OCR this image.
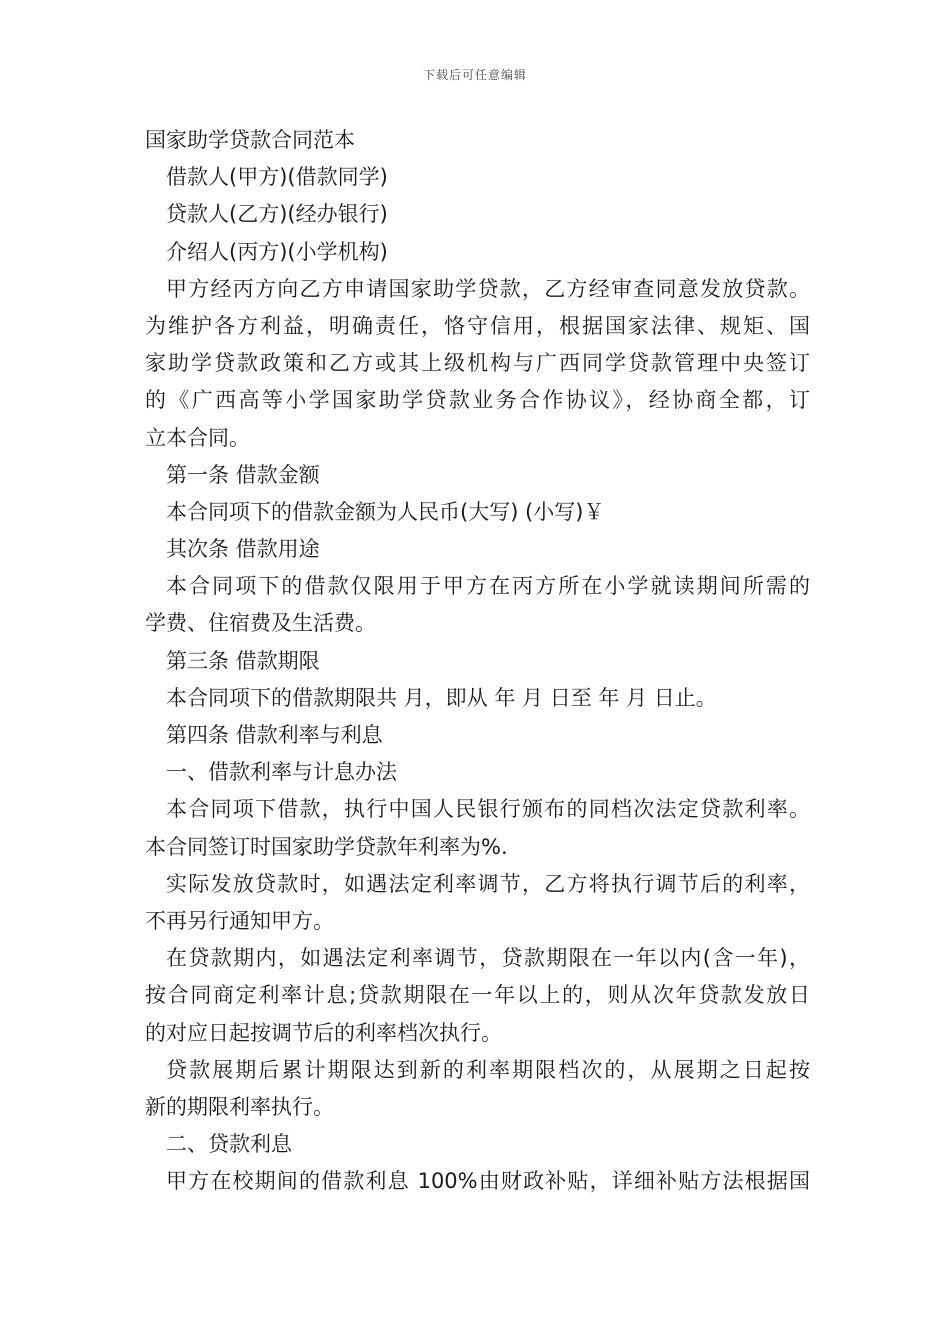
下载后可任意编辑
国家助学贷款合同范本
借款人(甲方)(借款同学)
贷款人(乙方)(经办银行)
介绍人(丙方)(小学机构)
甲方经丙方向乙方申请国家助学贷款，乙方经审查同意发放贷款。
为维护各方利益，明确责任，恪守信用，根据国家法律、规矩、国
家助学贷款政策和乙方或其上级机构与广西同学贷款管理中央签订
的《广西高等小学国家助学贷款业务合作协议》，经协商全都，订
立本合同。
第一条 借款金额
本合同项下的借款金额为人民币(大写) (小写)￥
其次条 借款用途
本合同项下的借款仅限用于甲方在丙方所在小学就读期间所需的
学费、住宿费及生活费。
第三条 借款期限
本合同项下的借款期限共 月，即从 年 月 日至 年 月 日止。
第四条 借款利率与利息
一、借款利率与计息办法
本合同项下借款，执行中国人民银行颁布的同档次法定贷款利率。
本合同签订时国家助学贷款年利率为%.
实际发放贷款时，如遇法定利率调节，乙方将执行调节后的利率，
不再另行通知甲方。
在贷款期内，如遇法定利率调节，贷款期限在一年以内(含一年)，
按合同商定利率计息;贷款期限在一年以上的，则从次年贷款发放日
的对应日起按调节后的利率档次执行。
贷款展期后累计期限达到新的利率期限档次的，从展期之日起按
新的期限利率执行。
二、贷款利息
甲方在校期间的借款利息 100%由财政补贴，详细补贴方法根据国
